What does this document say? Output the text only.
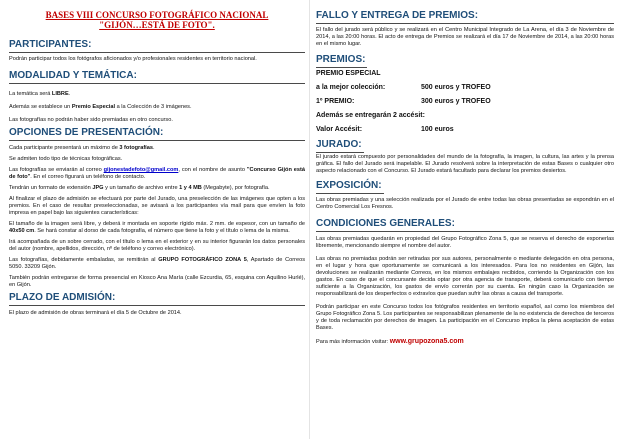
BASES VIII CONCURSO FOTOGRÁFICO NACIONAL
"GIJÓN…ESTÁ DE FOTO".
PARTICIPANTES:

Podrán participar todos los fotógrafos aficionados y/o profesionales residentes en territorio nacional.

MODALIDAD Y TEMÁTICA:

La temática será LIBRE.

Además se establece un Premio Especial a la Colección de 3 imágenes.

Las fotografías no podrán haber sido premiadas en otro concurso.

OPCIONES DE PRESENTACIÓN:

Cada participante presentará un máximo de 3 fotografías.

Se admiten todo tipo de técnicas fotográficas.

Las fotografías se enviarán al correo gijonestadefoto@gmail.com, con el nombre de asunto "Concurso Gijón está de foto". En el correo figurará un teléfono de contacto.

Tendrán un formato de extensión JPG y un tamaño de archivo entre 1 y 4 MB (Megabyte), por fotografía.

Al finalizar el plazo de admisión se efectuará por parte del Jurado, una preselección de las imágenes que opten a los premios. En el caso de resultar preseleccionadas, se avisará a los participantes vía mail para que envíen la foto impresa en papel bajo las siguientes características:

El tamaño de la imagen será libre, y deberá ir montada en soporte rígido máx. 2 mm. de espesor, con un tamaño de 40x50 cm. Se hará constar al dorso de cada fotografía, el número que tiene la foto y el título o lema de la misma.

Irá acompañada de un sobre cerrado, con el título o lema en el exterior y en su interior figurarán los datos personales del autor (nombre, apellidos, dirección, nº de teléfono y correo electrónico).

Las fotografías, debidamente embaladas, se remitirán al GRUPO FOTOGRÁFICO ZONA 5, Apartado de Correos 5050. 33209 Gijón.

También podrán entregarse de forma presencial en Kiosco Ana María (calle Ezcurdia, 65, esquina con Aquilino Hurlé), en Gijón.

PLAZO DE ADMISIÓN:

El plazo de admisión de obras terminará el día 5 de Octubre de 2014.

FALLO Y ENTREGA DE PREMIOS:

El fallo del jurado será público y se realizará en el Centro Municipal Integrado de La Arena, el día 3 de Noviembre de 2014, a las 20:00 horas. El acto de entrega de Premios se realizará el día 17 de Noviembre de 2014, a las 20:00 horas en el mismo lugar.

PREMIOS:
PREMIO ESPECIAL
a la mejor colección:	500 euros y TROFEO
1º PREMIO:	300 euros y TROFEO
Además se entregarán 2 accésit:
Valor Accésit:	100 euros
JURADO:

El jurado estará compuesto por personalidades del mundo de la fotografía, la imagen, la cultura, las artes y la prensa gráfica. El fallo del Jurado será inapelable. El Jurado resolverá sobre la interpretación de estas Bases o cualquier otro aspecto relacionado con el Concurso. El Jurado estará facultado para declarar los premios desiertos.

EXPOSICIÓN:

Las obras premiadas y una selección realizada por el Jurado de entre todas las obras presentadas se expondrán en el Centro Comercial Los Fresnos.

CONDICIONES GENERALES:

Las obras premiadas quedarán en propiedad del Grupo Fotográfico Zona 5, que se reserva el derecho de exponerlas libremente, mencionando siempre el nombre del autor.

Las obras no premiadas podrán ser retiradas por sus autores, personalmente o mediante delegación en otra persona, en el lugar y hora que oportunamente se comunicará a los interesados. Para los no residentes en Gijón, las devoluciones se realizarán mediante Correos, en los mismos embalajes recibidos, corriendo la Organización con los gastos. En caso de que el concursante decida optar por otra agencia de transporte, deberá comunicarlo con tiempo suficiente a la Organización, los gastos de envío correrán por su cuenta. En ningún caso la Organización se responsabilizará de los desperfectos o extravíos que puedan sufrir las obras a causa del transporte.

Podrán participar en este Concurso todos los fotógrafos residentes en territorio español, así como los miembros del Grupo Fotográfico Zona 5. Los participantes se responsabilizan plenamente de la no existencia de derechos de terceros y de toda reclamación por derechos de imagen. La participación en el Concurso implica la plena aceptación de estas Bases.

Para más información visitar: www.grupozona5.com
